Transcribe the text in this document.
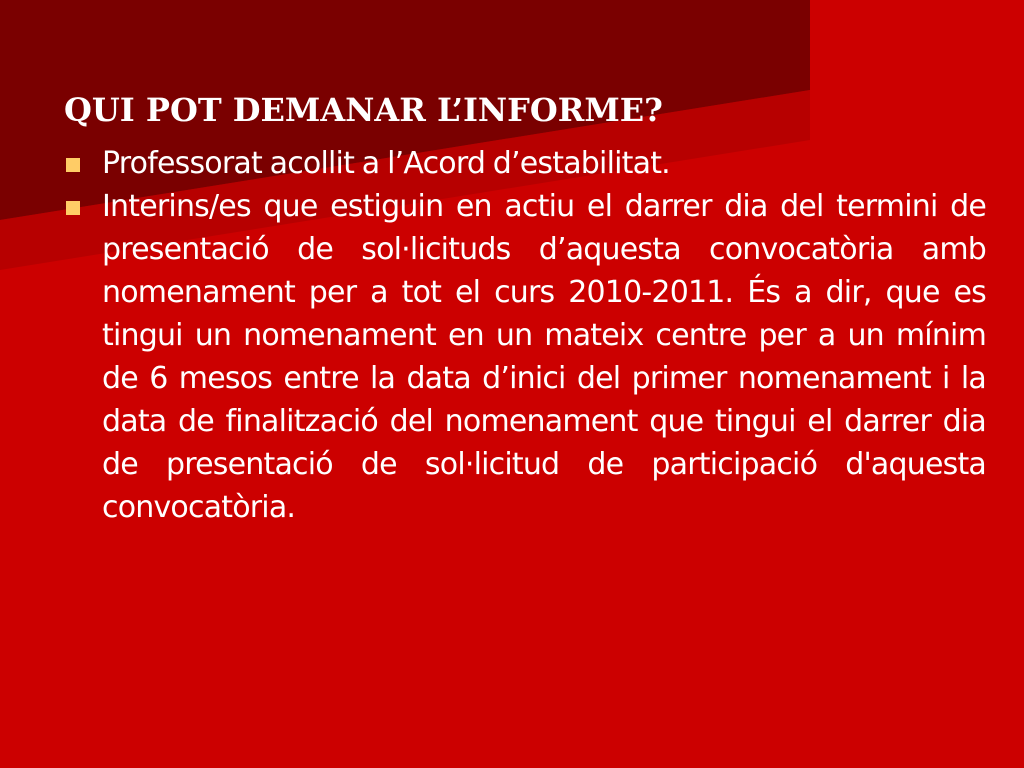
QUI POT DEMANAR L’INFORME?
Professorat acollit a l’Acord d’estabilitat.
Interins/es que estiguin en actiu el darrer dia del termini de presentació de sol·licituds d’aquesta convocatòria amb nomenament per a tot el curs 2010-2011. És a dir, que es tingui un nomenament en un mateix centre per a un mínim de 6 mesos entre la data d’inici del primer nomenament i la data de finalització del nomenament que tingui el darrer dia de presentació de sol·licitud de participació d'aquesta convocatòria.
